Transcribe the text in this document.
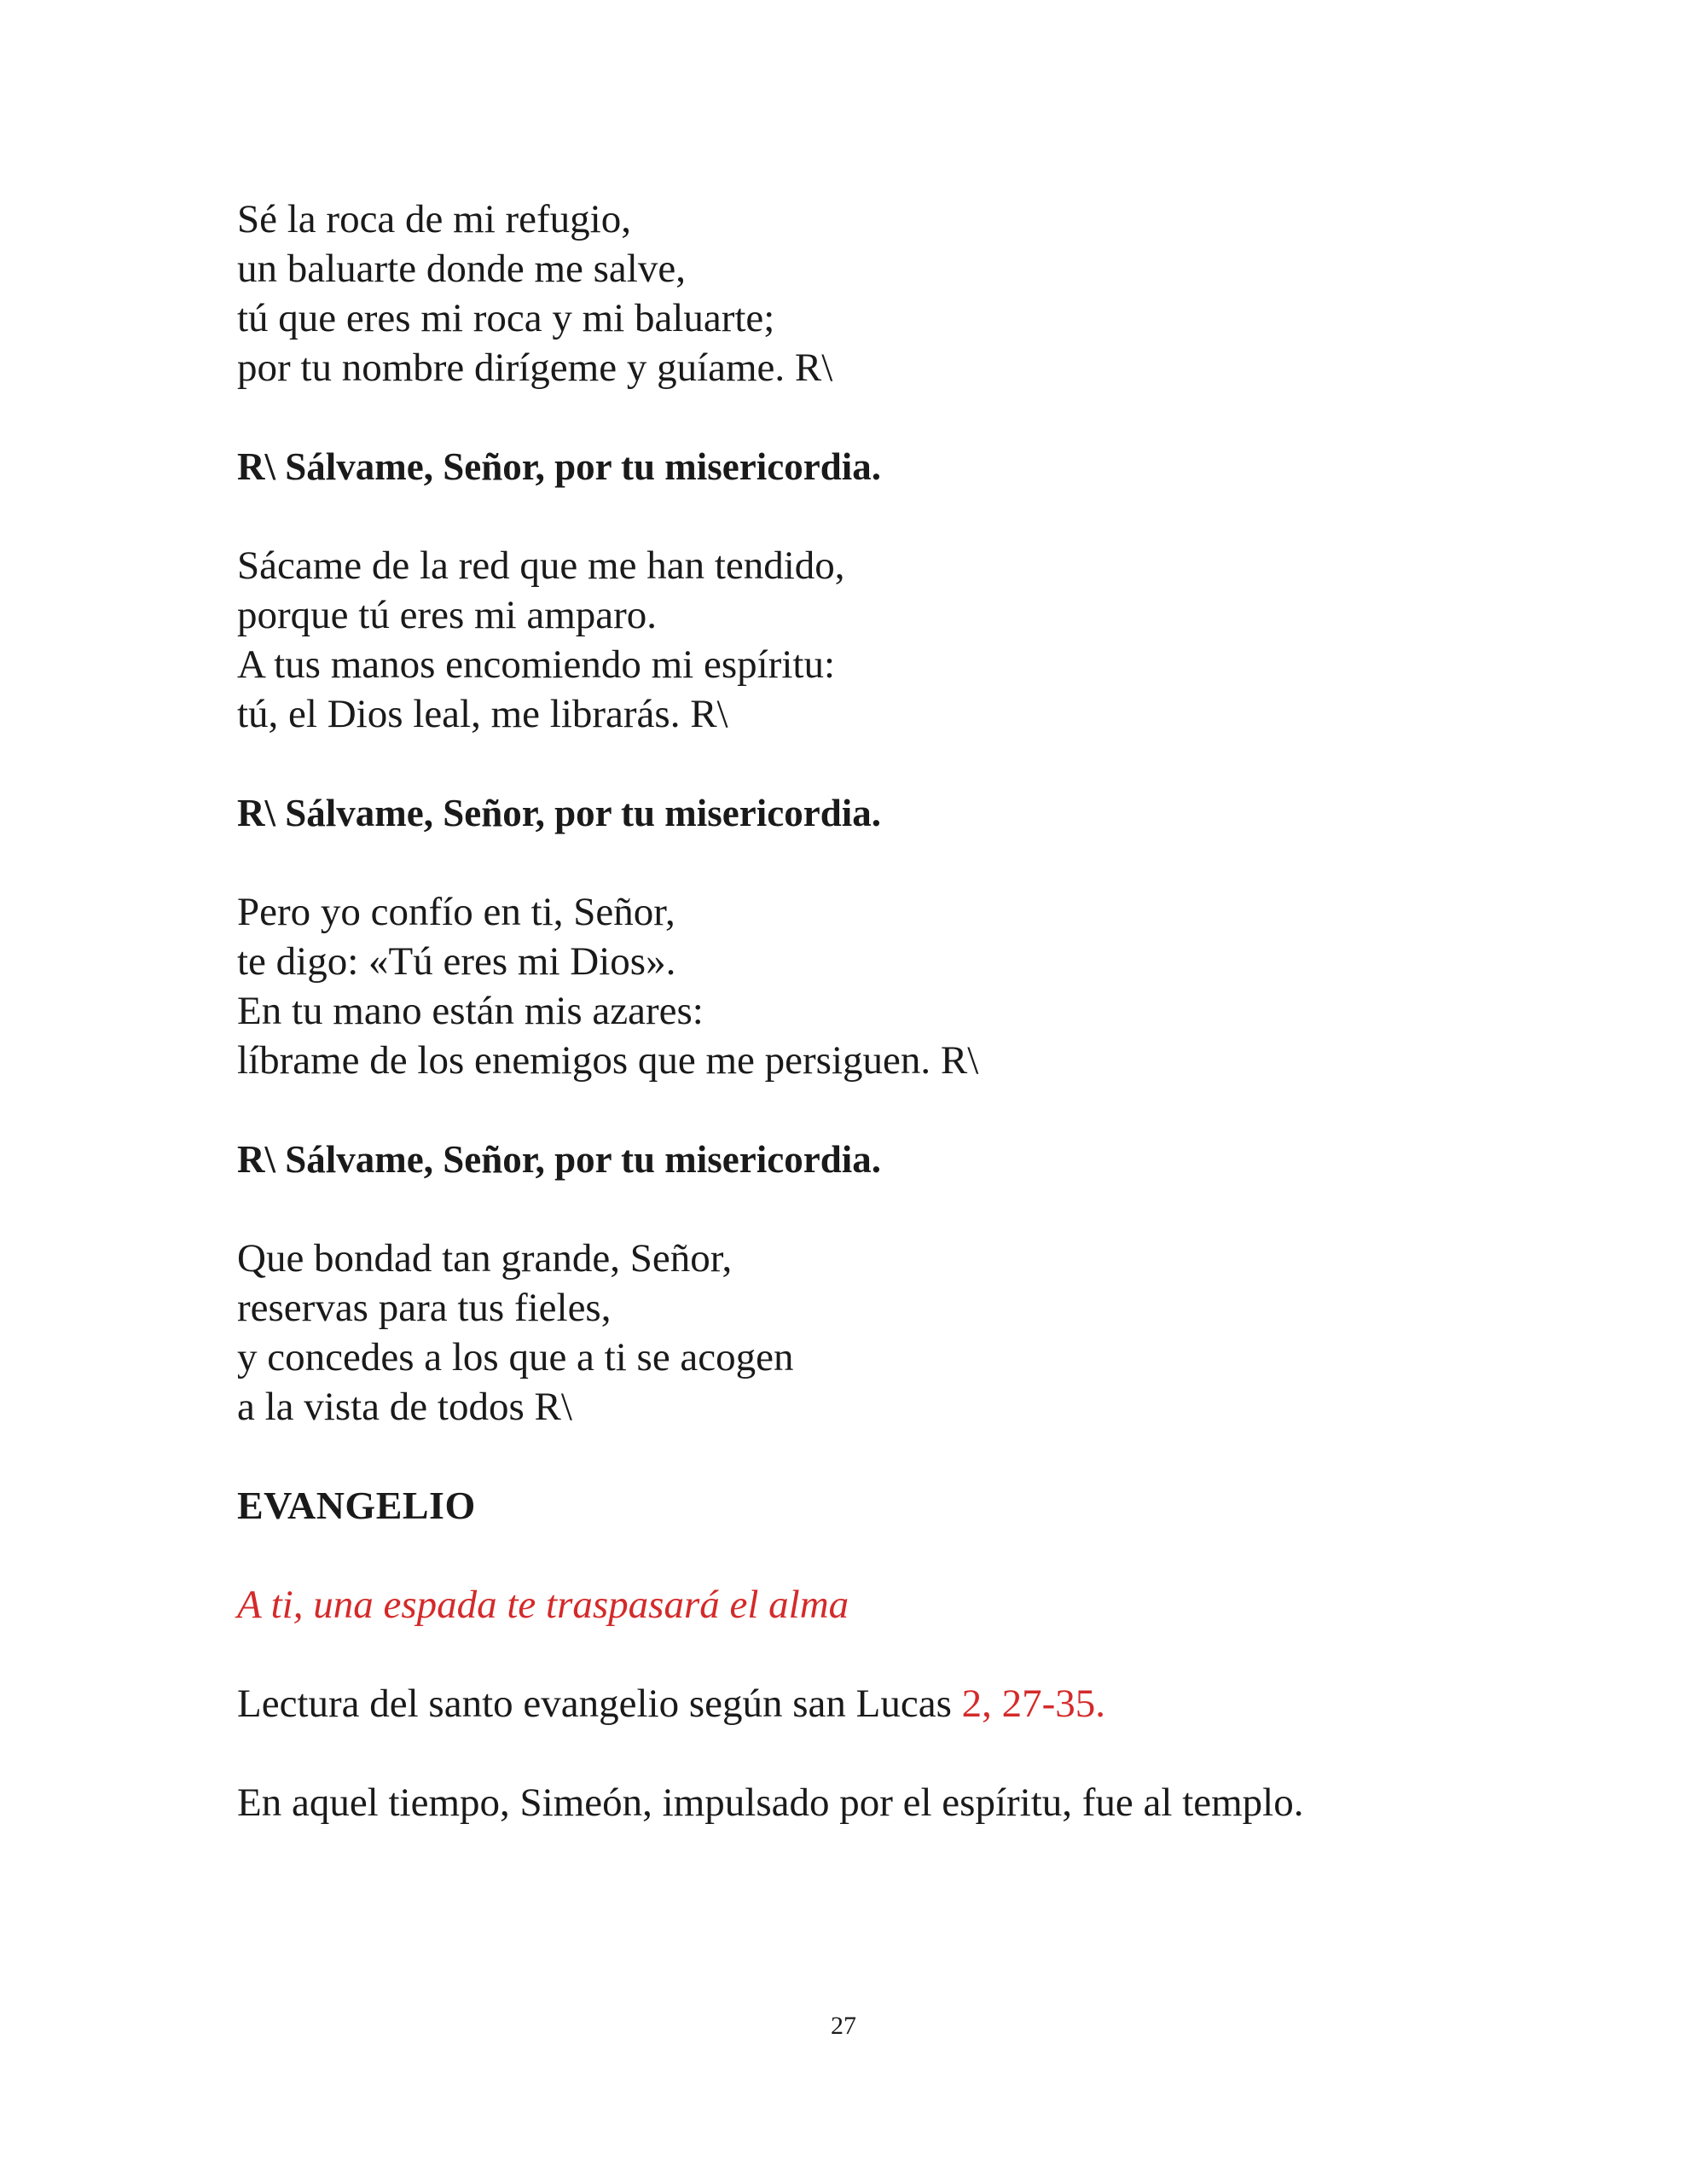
Sé la roca de mi refugio,
un baluarte donde me salve,
tú que eres mi roca y mi baluarte;
por tu nombre dirígeme y guíame. R\

R\ Sálvame, Señor, por tu misericordia.

Sácame de la red que me han tendido,
porque tú eres mi amparo.
A tus manos encomiendo mi espíritu:
tú, el Dios leal, me librarás. R\

R\ Sálvame, Señor, por tu misericordia.

Pero yo confío en ti, Señor,
te digo: «Tú eres mi Dios».
En tu mano están mis azares:
líbrame de los enemigos que me persiguen. R\

R\ Sálvame, Señor, por tu misericordia.

Que bondad tan grande, Señor,
reservas para tus fieles,
y concedes a los que a ti se acogen
a la vista de todos R\
EVANGELIO

A ti, una espada te traspasará el alma

Lectura del santo evangelio según san Lucas 2, 27-35.

En aquel tiempo, Simeón, impulsado por el espíritu, fue al templo.

27
